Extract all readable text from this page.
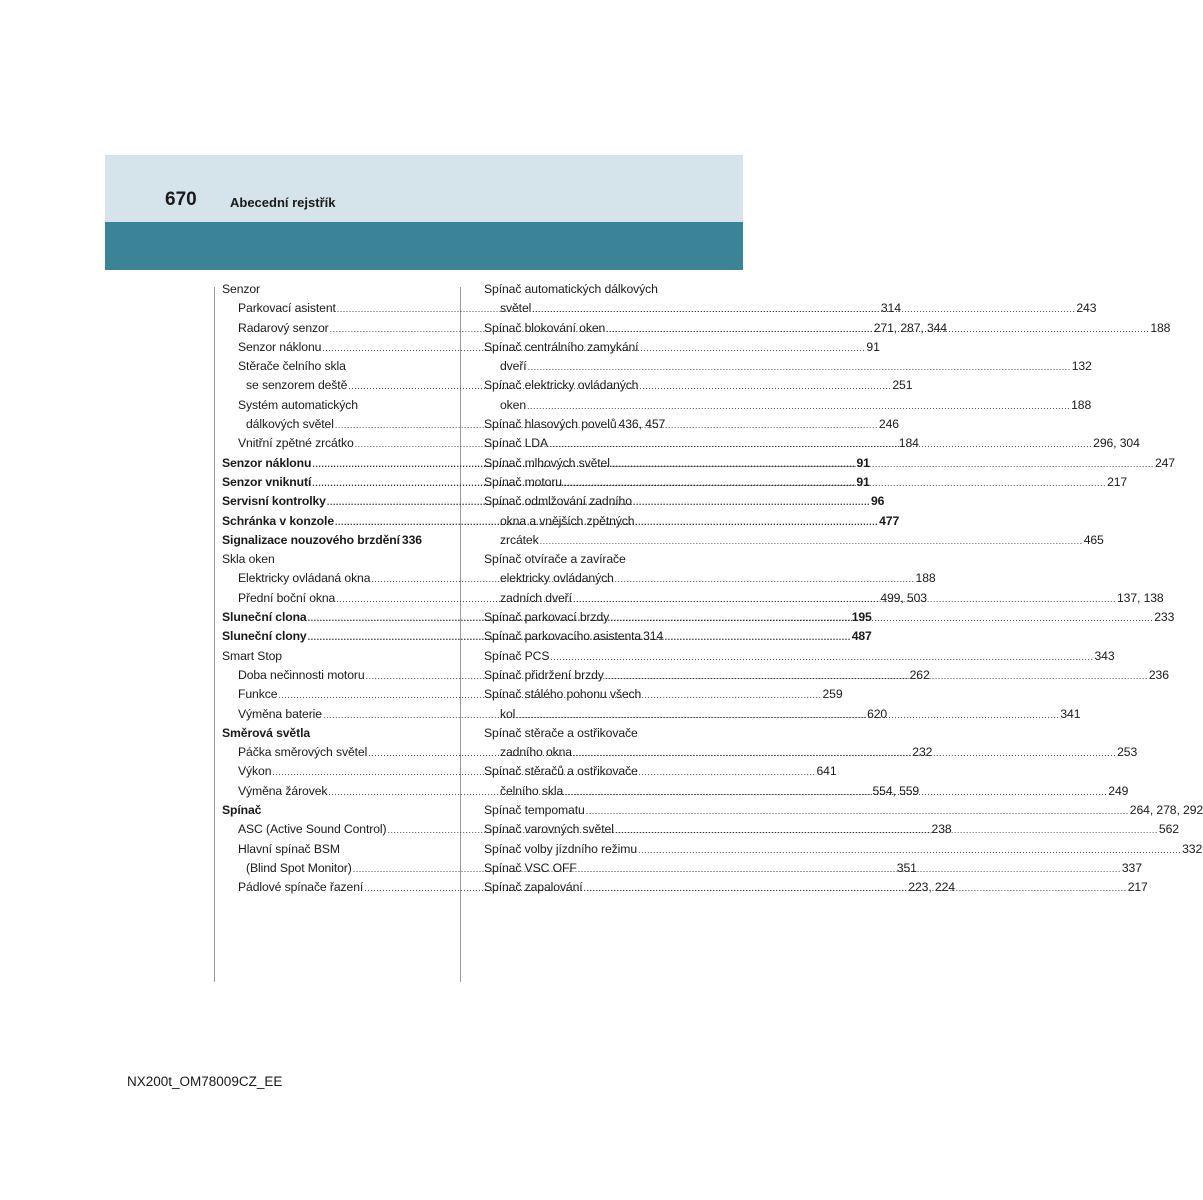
670	Abecední rejstřík
Senzor
Parkovací asistent .....	314
Radarový senzor .....	271, 287, 344
Senzor náklonu .....	91
Stěrače čelního skla
se senzorem deště .....	251
Systém automatických
dálkových světel .....	246
Vnitřní zpětné zrcátko .....	184
Senzor náklonu .....	91
Senzor vniknutí .....	91
Servisní kontrolky .....	96
Schránka v konzole .....	477
Signalizace nouzového brzdění 336
Skla oken
Elektricky ovládaná okna .....	188
Přední boční okna .....	499, 503
Sluneční clona .....	195
Sluneční clony .....	487
Smart Stop
Doba nečinnosti motoru .....	262
Funkce .....	259
Výměna baterie .....	620
Směrová světla
Páčka směrových světel .....	232
Výkon .....	641
Výměna žárovek .....	554, 559
Spínač
ASC (Active Sound Control) .....	238
Hlavní spínač BSM
(Blind Spot Monitor) .....	351
Pádlové spínače řazení .....	223, 224
Spínač automatických dálkových
světel .....	243
Spínač blokování oken .....	188
Spínač centrálního zamykání
dveří .....	132
Spínač elektricky ovládaných
oken .....	188
Spínač hlasových povelů 436, 457
Spínač LDA .....	296, 304
Spínač mlhových světel .....	247
Spínač motoru .....	217
Spínač odmlžování zadního
okna a vnějších zpětných
zrcátek .....	465
Spínač otvírače a zavírače
elektricky ovládaných
zadních dveří .....	137, 138
Spínač parkovací brzdy .....	233
Spínač parkovacího asistenta 314
Spínač PCS .....	343
Spínač přidržení brzdy .....	236
Spínač stálého pohonu všech
kol .....	341
Spínač stěrače a ostřikovače
zadního okna .....	253
Spínač stěračů a ostřikovače
čelního skla .....	249
Spínač tempomatu .....	264, 278, 292
Spínač varovných světel .....	562
Spínač volby jízdního režimu .....	332
Spínač VSC OFF .....	337
Spínač zapalování .....	217
NX200t_OM78009CZ_EE
